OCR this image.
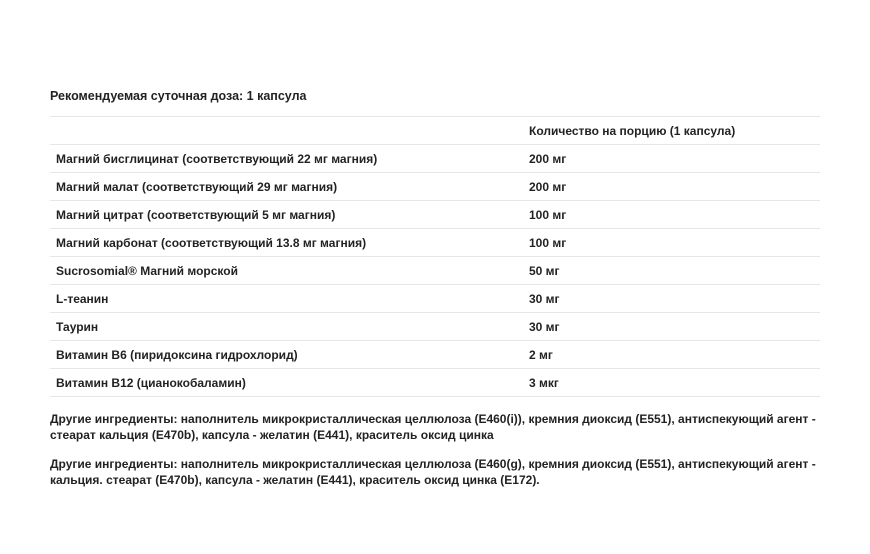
Рекомендуемая суточная доза: 1 капсула
	Количество на порцию (1 капсула)
Магний бисглицинат (соответствующий 22 мг магния)	200 мг
Магний малат (соответствующий 29 мг магния)	200 мг
Магний цитрат (соответствующий 5 мг магния)	100 мг
Магний карбонат (соответствующий 13.8 мг магния)	100 мг
Sucrosomial® Магний морской	50 мг
L-теанин	30 мг
Таурин	30 мг
Витамин B6 (пиридоксина гидрохлорид)	2 мг
Витамин B12 (цианокобаламин)	3 мкг
Другие ингредиенты: наполнитель микрокристаллическая целлюлоза (E460(i)), кремния диоксид (E551), антиспекующий агент - стеарат кальция (E470b), капсула - желатин (E441), краситель оксид цинка
Другие ингредиенты: наполнитель микрокристаллическая целлюлоза (E460(g), кремния диоксид (E551), антиспекующий агент - кальция. стеарат (E470b), капсула - желатин (E441), краситель оксид цинка (E172).
